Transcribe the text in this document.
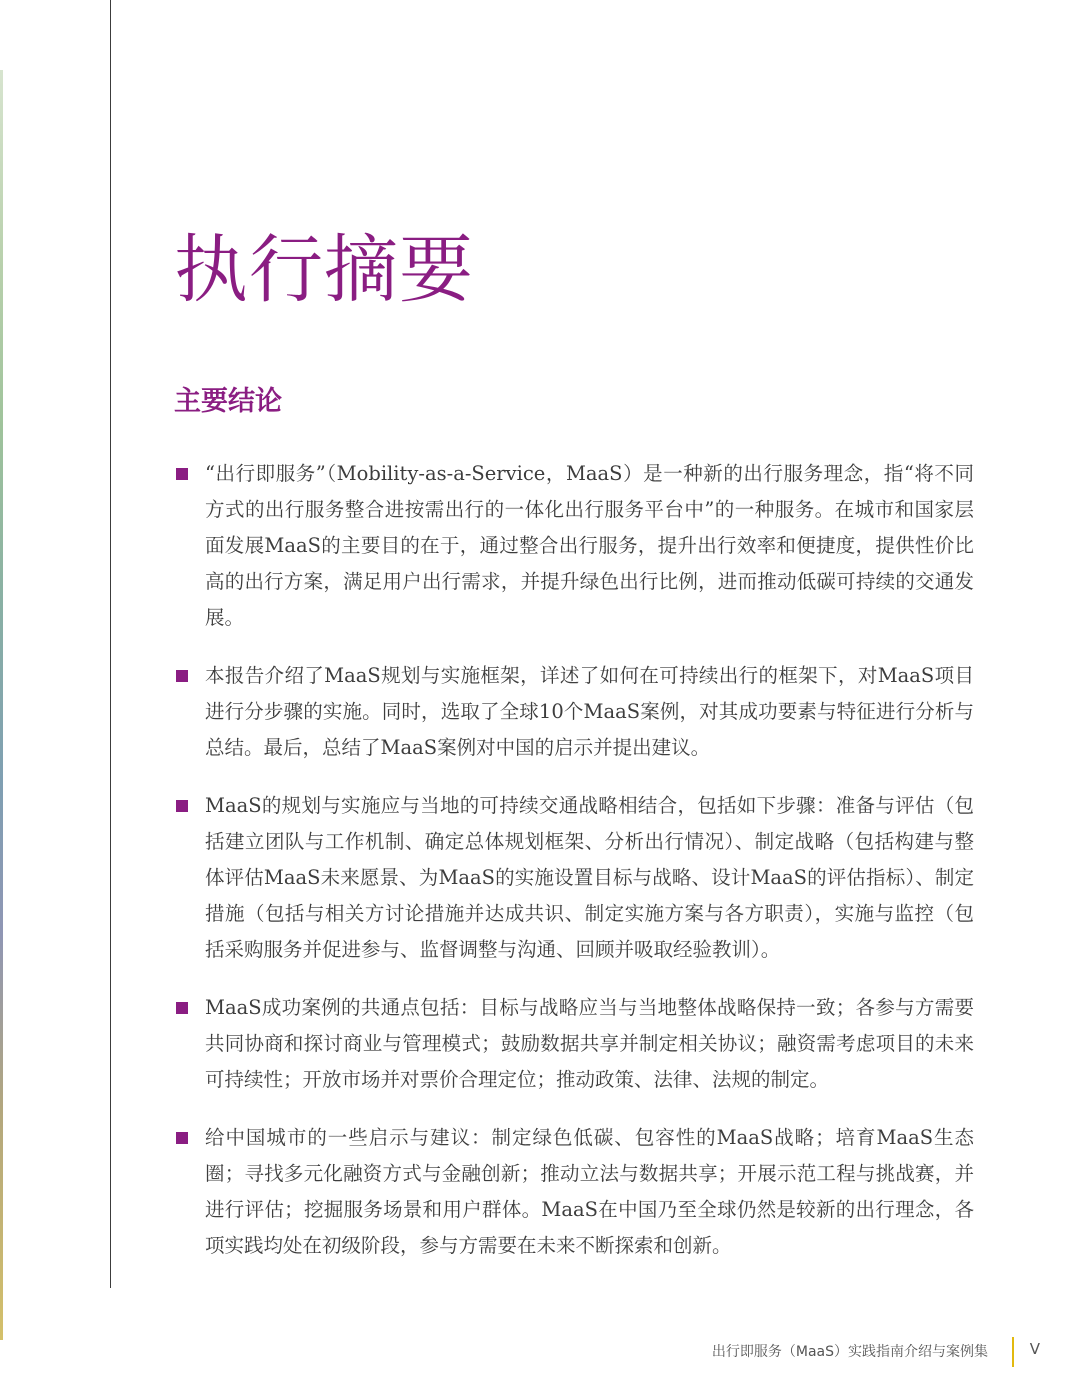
执行摘要
主要结论
“出行即服务”（Mobility-as-a-Service，MaaS）是一种新的出行服务理念，指“将不同方式的出行服务整合进按需出行的一体化出行服务平台中”的一种服务。在城市和国家层面发展MaaS的主要目的在于，通过整合出行服务，提升出行效率和便捷度，提供性价比高的出行方案，满足用户出行需求，并提升绿色出行比例，进而推动低碳可持续的交通发展。
本报告介绍了MaaS规划与实施框架，详述了如何在可持续出行的框架下，对MaaS项目进行分步骤的实施。同时，选取了全球10个MaaS案例，对其成功要素与特征进行分析与总结。最后，总结了MaaS案例对中国的启示并提出建议。
MaaS的规划与实施应与当地的可持续交通战略相结合，包括如下步骤：准备与评估（包括建立团队与工作机制、确定总体规划框架、分析出行情况）、制定战略（包括构建与整体评估MaaS未来愿景、为MaaS的实施设置目标与战略、设计MaaS的评估指标）、制定措施（包括与相关方讨论措施并达成共识、制定实施方案与各方职责），实施与监控（包括采购服务并促进参与、监督调整与沟通、回顾并吸取经验教训）。
MaaS成功案例的共通点包括：目标与战略应当与当地整体战略保持一致；各参与方需要共同协商和探讨商业与管理模式；鼓励数据共享并制定相关协议；融资需考虑项目的未来可持续性；开放市场并对票价合理定位；推动政策、法律、法规的制定。
给中国城市的一些启示与建议：制定绿色低碳、包容性的MaaS战略；培育MaaS生态圈；寻找多元化融资方式与金融创新；推动立法与数据共享；开展示范工程与挑战赛，并进行评估；挖掘服务场景和用户群体。MaaS在中国乃至全球仍然是较新的出行理念，各项实践均处在初级阶段，参与方需要在未来不断探索和创新。
出行即服务（MaaS）实践指南介绍与案例集	V
